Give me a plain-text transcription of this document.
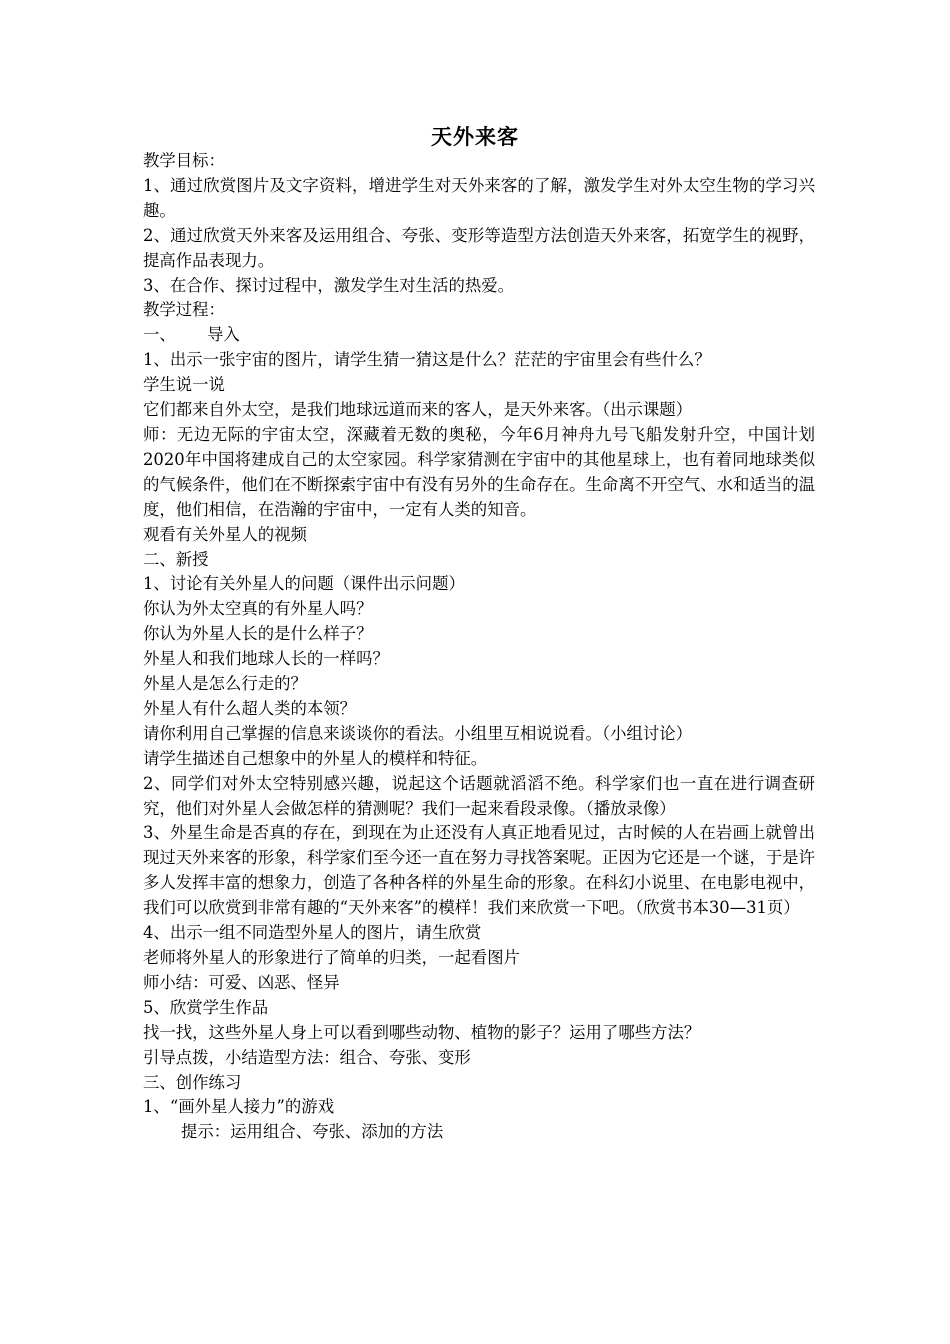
天外来客

教学目标：

1、通过欣赏图片及文字资料，增进学生对天外来客的了解，激发学生对外太空生物的学习兴趣。

2、通过欣赏天外来客及运用组合、夸张、变形等造型方法创造天外来客，拓宽学生的视野，提高作品表现力。

3、在合作、探讨过程中，激发学生对生活的热爱。

教学过程：

一、      导入

1、出示一张宇宙的图片，请学生猜一猜这是什么？茫茫的宇宙里会有些什么？

学生说一说

它们都来自外太空，是我们地球远道而来的客人，是天外来客。（出示课题）

师：无边无际的宇宙太空，深藏着无数的奥秘，今年6月神舟九号飞船发射升空，中国计划2020年中国将建成自己的太空家园。科学家猜测在宇宙中的其他星球上，也有着同地球类似的气候条件，他们在不断探索宇宙中有没有另外的生命存在。生命离不开空气、水和适当的温度，他们相信，在浩瀚的宇宙中，一定有人类的知音。

观看有关外星人的视频

二、新授

1、讨论有关外星人的问题（课件出示问题）

你认为外太空真的有外星人吗？

你认为外星人长的是什么样子？

外星人和我们地球人长的一样吗？

外星人是怎么行走的？

外星人有什么超人类的本领？

请你利用自己掌握的信息来谈谈你的看法。小组里互相说说看。（小组讨论）

请学生描述自己想象中的外星人的模样和特征。

2、同学们对外太空特别感兴趣，说起这个话题就滔滔不绝。科学家们也一直在进行调查研究，他们对外星人会做怎样的猜测呢？我们一起来看段录像。（播放录像）

3、外星生命是否真的存在，到现在为止还没有人真正地看见过，古时候的人在岩画上就曾出现过天外来客的形象，科学家们至今还一直在努力寻找答案呢。正因为它还是一个谜，于是许多人发挥丰富的想象力，创造了各种各样的外星生命的形象。在科幻小说里、在电影电视中，我们可以欣赏到非常有趣的“天外来客”的模样！我们来欣赏一下吧。（欣赏书本30—31页）

4、出示一组不同造型外星人的图片，请生欣赏

老师将外星人的形象进行了简单的归类，一起看图片

师小结：可爱、凶恶、怪异

5、欣赏学生作品

找一找，这些外星人身上可以看到哪些动物、植物的影子？运用了哪些方法？

引导点拨，小结造型方法：组合、夸张、变形

三、创作练习

1、“画外星人接力”的游戏

提示：运用组合、夸张、添加的方法
